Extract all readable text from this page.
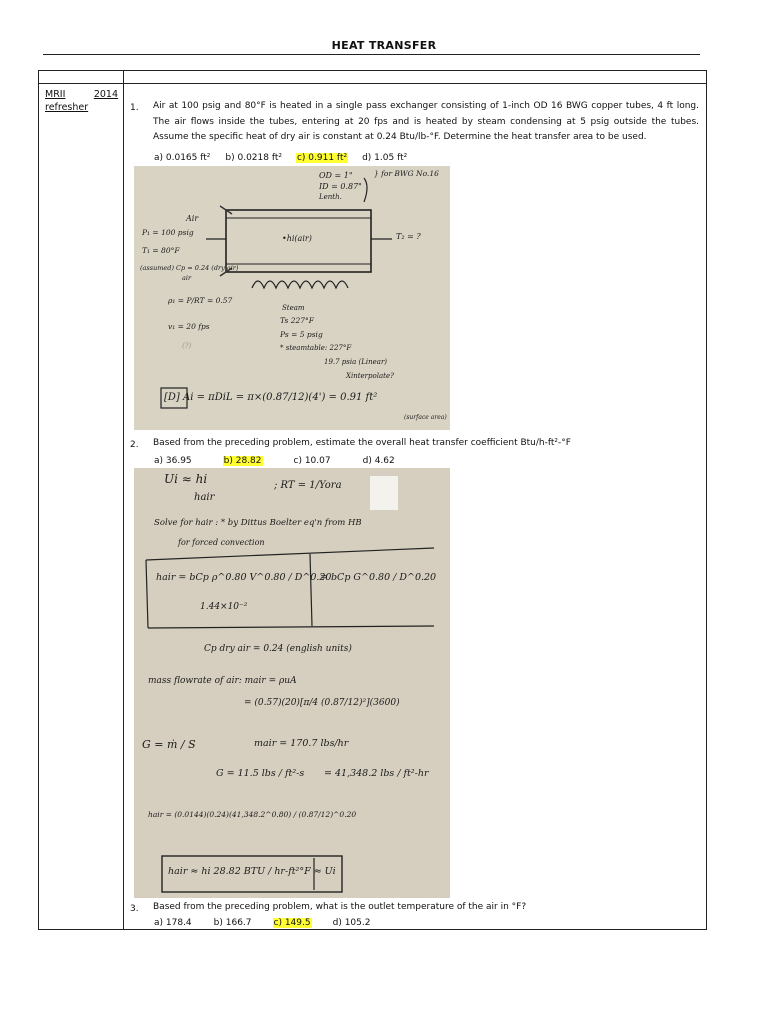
HEAT TRANSFER
MRII	2014
refresher	1. Air at 100 psig and 80°F is heated in a single pass exchanger consisting of 1-inch OD 16 BWG copper tubes, 4 ft long. The air flows inside the tubes, entering at 20 fps and is heated by steam condensing at 5 psig outside the tubes. Assume the specific heat of dry air is constant at 0.24 Btu/lb-°F. Determine the heat transfer area to be used.
a) 0.0165 ft² b) 0.0218 ft² c) 0.911 ft² d) 1.05 ft²
OD = 1"
ID = 0.87"
Lenth.
} for BWG No.16
Air
P₁ = 100 psig
T₁ = 80°F
(assumed) Cp = 0.24 (dry air)
air
•hi(air)	T₂ = ?
ρ₁ = P/RT = 0.57
v₁ = 20 fps
Steam
Ts 227°F
Ps = 5 psig
* steamtable: 227°F
19.7 psia (Linear)
Xinterpolate?
(?)
[D] Ai = πDiL = π×(0.87/12)(4') = 0.91 ft²
(surface area)
2. Based from the preceding problem, estimate the overall heat transfer coefficient Btu/h-ft²-°F
a) 36.95	b) 28.82	c) 10.07	d) 4.62
Ui ≈ hi
hair
; RT = 1/Yora
Solve for hair : * by Dittus Boelter eq'n from HB
for forced convection
hair = bCp ρ^0.80 V^0.80 / D^0.20
= bCp G^0.80 / D^0.20
1.44×10⁻²
Cp dry air = 0.24 (english units)
mass flowrate of air: mair = ρuA
= (0.57)(20)[π/4 (0.87/12)²](3600)
G = ṁ / S	mair = 170.7 lbs/hr
G = 11.5 lbs / ft²-s = 41,348.2 lbs / ft²-hr
hair = (0.0144)(0.24)(41,348.2^0.80) / (0.87/12)^0.20
hair ≈ hi 28.82 BTU / hr-ft²°F ≈ Ui
3. Based from the preceding problem, what is the outlet temperature of the air in °F?
a) 178.4 b) 166.7 c) 149.5 d) 105.2
